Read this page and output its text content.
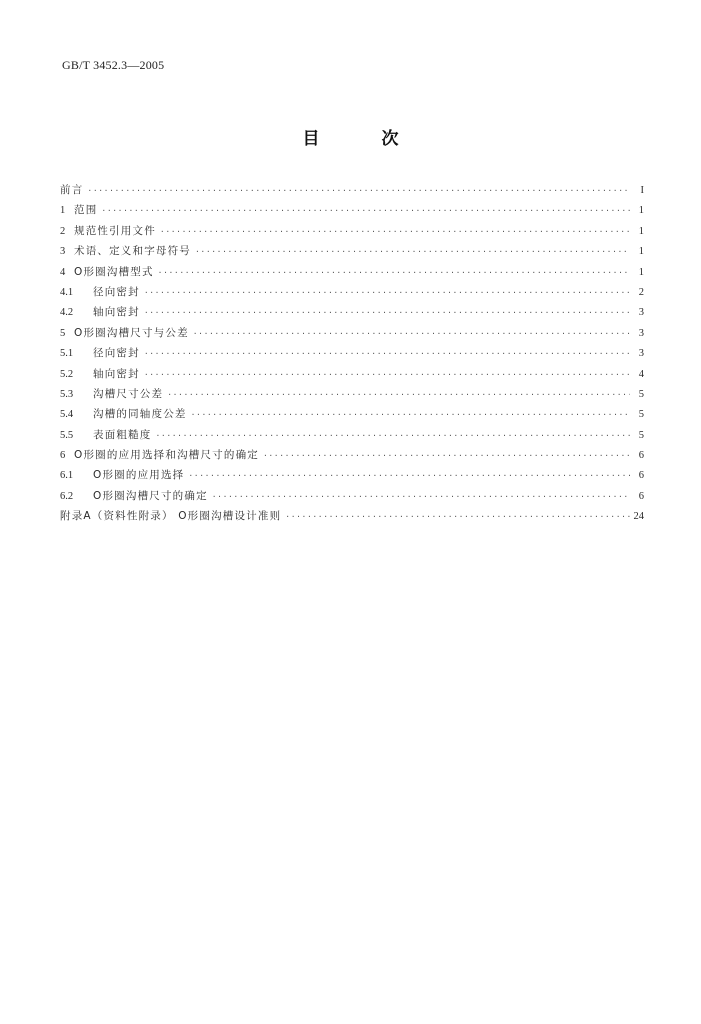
GB/T 3452.3—2005
目 次
前言 ·····	I
1 范围 ·····	1
2 规范性引用文件 ·····	1
3 术语、定义和字母符号 ·····	1
4 O形圈沟槽型式 ·····	1
4.1	径向密封 ·····	2
4.2	轴向密封 ·····	3
5 O形圈沟槽尺寸与公差 ·····	3
5.1	径向密封 ·····	3
5.2	轴向密封 ·····	4
5.3	沟槽尺寸公差 ·····	5
5.4	沟槽的同轴度公差 ·····	5
5.5	表面粗糙度 ·····	5
6 O形圈的应用选择和沟槽尺寸的确定 ·····	6
6.1	O形圈的应用选择 ·····	6
6.2	O形圈沟槽尺寸的确定 ·····	6
附录A（资料性附录） O形圈沟槽设计准则 ·····	24
